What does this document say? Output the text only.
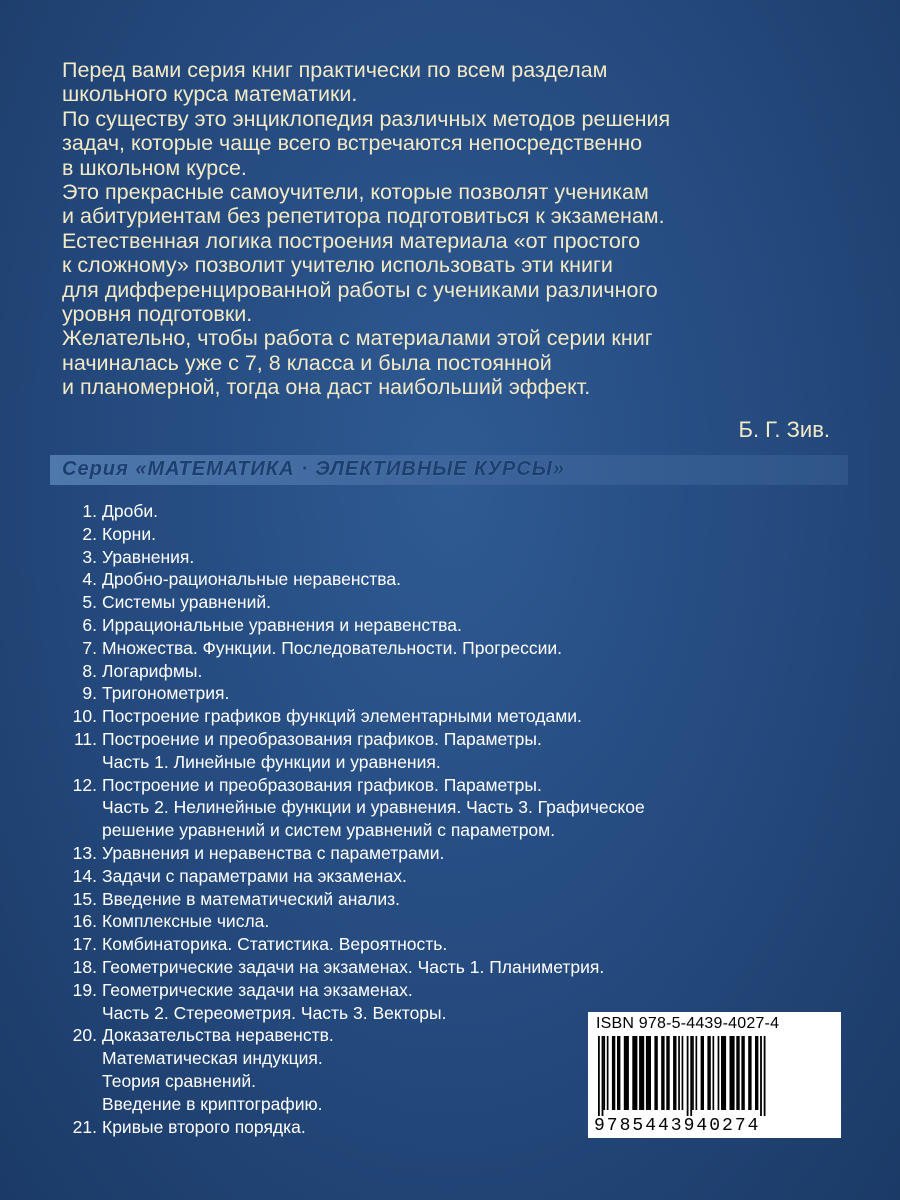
Перед вами серия книг практически по всем разделам
школьного курса математики.

По существу это энциклопедия различных методов решения
задач, которые чаще всего встречаются непосредственно
в школьном курсе.

Это прекрасные самоучители, которые позволят ученикам
и абитуриентам без репетитора подготовиться к экзаменам.

Естественная логика построения материала «от простого
к сложному» позволит учителю использовать эти книги
для дифференцированной работы с учениками различного
уровня подготовки.

Желательно, чтобы работа с материалами этой серии книг
начиналась уже с 7, 8 класса и была постоянной
и планомерной, тогда она даст наибольший эффект.

Б. Г. Зив.
Серия «МАТЕМАТИКА · ЭЛЕКТИВНЫЕ КУРСЫ»
1. Дроби.
2. Корни.
3. Уравнения.
4. Дробно-рациональные неравенства.
5. Системы уравнений.
6. Иррациональные уравнения и неравенства.
7. Множества. Функции. Последовательности. Прогрессии.
8. Логарифмы.
9. Тригонометрия.
10. Построение графиков функций элементарными методами.
11. Построение и преобразования графиков. Параметры.
Часть 1. Линейные функции и уравнения.
12. Построение и преобразования графиков. Параметры.
Часть 2. Нелинейные функции и уравнения. Часть 3. Графическое
решение уравнений и систем уравнений с параметром.
13. Уравнения и неравенства с параметрами.
14. Задачи с параметрами на экзаменах.
15. Введение в математический анализ.
16. Комплексные числа.
17. Комбинаторика. Статистика. Вероятность.
18. Геометрические задачи на экзаменах. Часть 1. Планиметрия.
19. Геометрические задачи на экзаменах.
Часть 2. Стереометрия. Часть 3. Векторы.
20. Доказательства неравенств.
Математическая индукция.
Теория сравнений.
Введение в криптографию.
21. Кривые второго порядка.
ISBN 978-5-4439-4027-4
9785443940274
